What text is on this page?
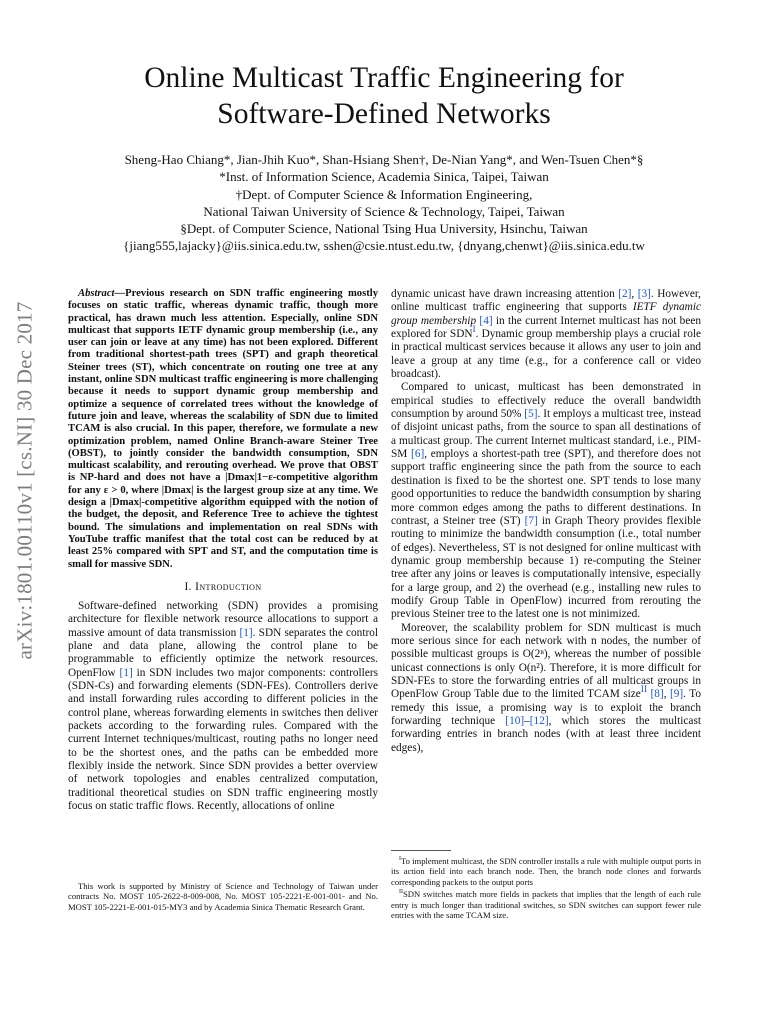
arXiv:1801.00110v1 [cs.NI] 30 Dec 2017
Online Multicast Traffic Engineering for
Software-Defined Networks
Sheng-Hao Chiang*, Jian-Jhih Kuo*, Shan-Hsiang Shen†, De-Nian Yang*, and Wen-Tsuen Chen*§
*Inst. of Information Science, Academia Sinica, Taipei, Taiwan
†Dept. of Computer Science & Information Engineering,
National Taiwan University of Science & Technology, Taipei, Taiwan
§Dept. of Computer Science, National Tsing Hua University, Hsinchu, Taiwan
{jiang555,lajacky}@iis.sinica.edu.tw, sshen@csie.ntust.edu.tw, {dnyang,chenwt}@iis.sinica.edu.tw

Abstract—Previous research on SDN traffic engineering mostly focuses on static traffic, whereas dynamic traffic, though more practical, has drawn much less attention. Especially, online SDN multicast that supports IETF dynamic group membership (i.e., any user can join or leave at any time) has not been explored. Different from traditional shortest-path trees (SPT) and graph theoretical Steiner trees (ST), which concentrate on routing one tree at any instant, online SDN multicast traffic engineering is more challenging because it needs to support dynamic group membership and optimize a sequence of correlated trees without the knowledge of future join and leave, whereas the scalability of SDN due to limited TCAM is also crucial. In this paper, therefore, we formulate a new optimization problem, named Online Branch-aware Steiner Tree (OBST), to jointly consider the bandwidth consumption, SDN multicast scalability, and rerouting overhead. We prove that OBST is NP-hard and does not have a |Dmax|1−ε-competitive algorithm for any ε > 0, where |Dmax| is the largest group size at any time. We design a |Dmax|-competitive algorithm equipped with the notion of the budget, the deposit, and Reference Tree to achieve the tightest bound. The simulations and implementation on real SDNs with YouTube traffic manifest that the total cost can be reduced by at least 25% compared with SPT and ST, and the computation time is small for massive SDN.

I. Introduction

Software-defined networking (SDN) provides a promising architecture for flexible network resource allocations to support a massive amount of data transmission [ 1 ] . SDN separates the control plane and data plane, allowing the control plane to be programmable to efficiently optimize the network resources. OpenFlow [ 1 ] in SDN includes two major components: controllers (SDN-Cs) and forwarding elements (SDN-FEs). Controllers derive and install forwarding rules according to different policies in the control plane, whereas forwarding elements in switches then deliver packets according to the forwarding rules. Compared with the current Internet techniques/multicast, routing paths no longer need to be the shortest ones, and the paths can be embedded more flexibly inside the network. Since SDN provides a better overview of network topologies and enables centralized computation, traditional theoretical studies on SDN traffic engineering mostly focus on static traffic flows. Recently, allocations of online

This work is supported by Ministry of Science and Technology of Taiwan under contracts No. MOST 105-2622-8-009-008, No. MOST 105-2221-E-001-001- and No. MOST 105-2221-E-001-015-MY3 and by Academia Sinica Thematic Research Grant.

dynamic unicast have drawn increasing attention [ 2 ] , [ 3 ] . However, online multicast traffic engineering that supports IETF dynamic group membership [ 4 ] in the current Internet multicast has not been explored for SDN$^I$. Dynamic group membership plays a crucial role in practical multicast services because it allows any user to join and leave a group at any time (e.g., for a conference call or video broadcast).

Compared to unicast, multicast has been demonstrated in empirical studies to effectively reduce the overall bandwidth consumption by around 50% [ 5 ] . It employs a multicast tree, instead of disjoint unicast paths, from the source to span all destinations of a multicast group. The current Internet multicast standard, i.e., PIM-SM [ 6 ] , employs a shortest-path tree (SPT), and therefore does not support traffic engineering since the path from the source to each destination is fixed to be the shortest one. SPT tends to lose many good opportunities to reduce the bandwidth consumption by sharing more common edges among the paths to different destinations. In contrast, a Steiner tree (ST) [ 7 ] in Graph Theory provides flexible routing to minimize the bandwidth consumption (i.e., total number of edges). Nevertheless, ST is not designed for online multicast with dynamic group membership because 1) re-computing the Steiner tree after any joins or leaves is computationally intensive, especially for a large group, and 2) the overhead (e.g., installing new rules to modify Group Table in OpenFlow) incurred from rerouting the previous Steiner tree to the latest one is not minimized.

Moreover, the scalability problem for SDN multicast is much more serious since for each network with n nodes, the number of possible multicast groups is O(2ⁿ), whereas the number of possible unicast connections is only O(n²). Therefore, it is more difficult for SDN-FEs to store the forwarding entries of all multicast groups in OpenFlow Group Table due to the limited TCAM size$^{II}$ [ 8 ] , [ 9 ] . To remedy this issue, a promising way is to exploit the branch forwarding technique [ 10 ] – [ 12 ] , which stores the multicast forwarding entries in branch nodes (with at least three incident edges),

$^I$To implement multicast, the SDN controller installs a rule with multiple output ports in its action field into each branch node. Then, the branch node clones and forwards corresponding packets to the output ports

$^{II}$SDN switches match more fields in packets that implies that the length of each rule entry is much longer than traditional switches, so SDN switches can support fewer rule entries with the same TCAM size.
